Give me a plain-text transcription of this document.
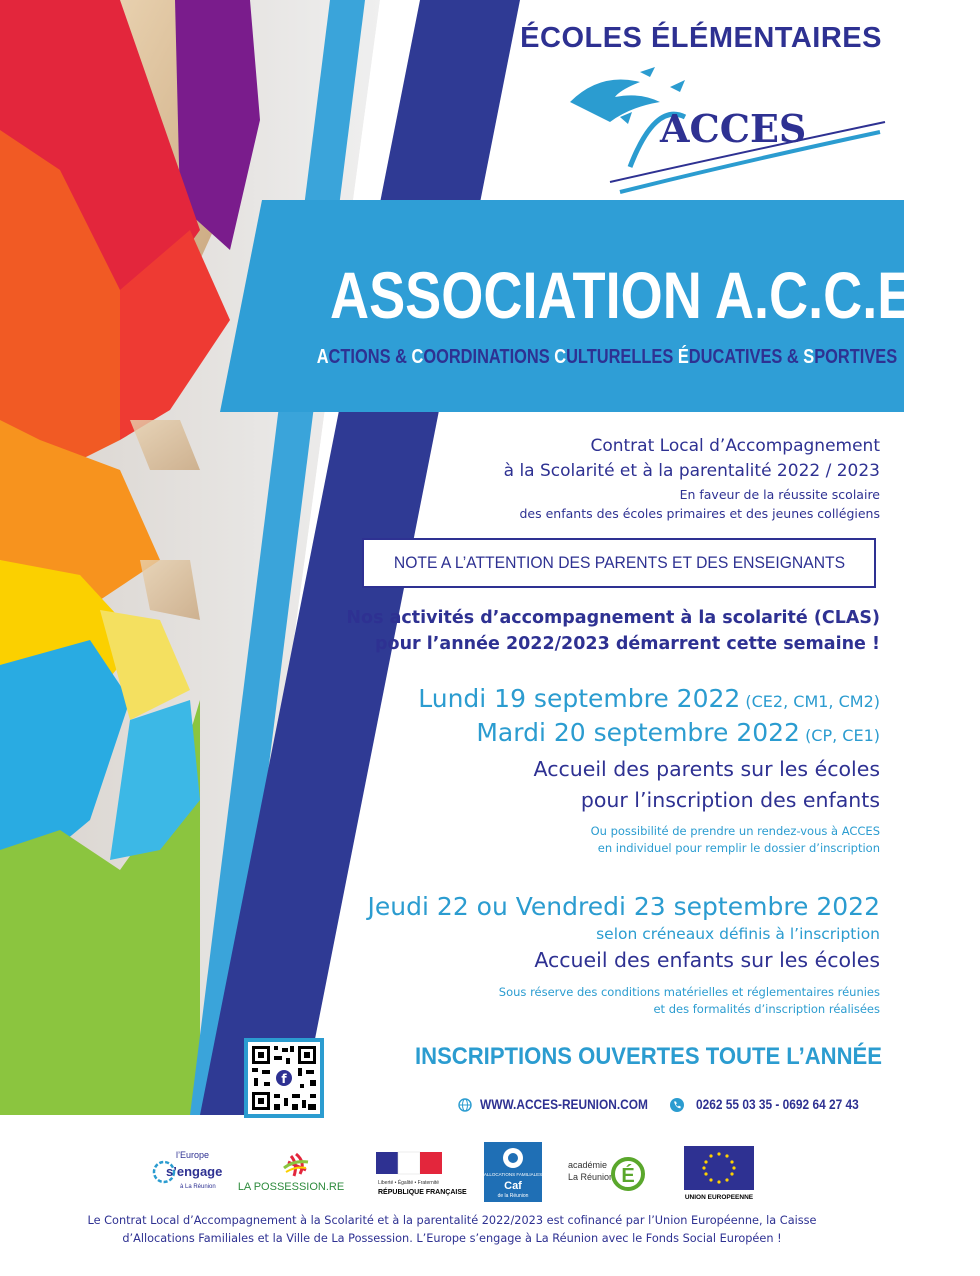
ÉCOLES ÉLÉMENTAIRES
ACCES
ASSOCIATION A.C.C.E.S.
ACTIONS & COORDINATIONS CULTURELLES ÉDUCATIVES & SPORTIVES
Contrat Local d’Accompagnement
à la Scolarité et à la parentalité 2022 / 2023
En faveur de la réussite scolaire
des enfants des écoles primaires et des jeunes collégiens
NOTE A L’ATTENTION DES PARENTS ET DES ENSEIGNANTS
Nos activités d’accompagnement à la scolarité (CLAS)
pour l’année 2022/2023 démarrent cette semaine !
Lundi 19 septembre 2022 (CE2, CM1, CM2)
Mardi 20 septembre 2022 (CP, CE1)
Accueil des parents sur les écoles
pour l’inscription des enfants
Ou possibilité de prendre un rendez-vous à ACCES
en individuel pour remplir le dossier d’inscription
Jeudi 22 ou Vendredi 23 septembre 2022
selon créneaux définis à l’inscription
Accueil des enfants sur les écoles
Sous réserve des conditions matérielles et réglementaires réunies
et des formalités d’inscription réalisées
f
INSCRIPTIONS OUVERTES TOUTE L’ANNÉE
WWW.ACCES-REUNION.COM	0262 55 03 35 - 0692 64 27 43
l’Europe
s’engage
à La Réunion LA POSSESSION.RE	Liberté • Égalité • Fraternité
RÉPUBLIQUE FRANÇAISE
ALLOCATIONS FAMILIALES
Caf
de la Réunion
académie
La Réunion É
UNION EUROPEENNE
Le Contrat Local d’Accompagnement à la Scolarité et à la parentalité 2022/2023 est cofinancé par l’Union Européenne, la Caisse
d’Allocations Familiales et la Ville de La Possession. L’Europe s’engage à La Réunion avec le Fonds Social Européen !
